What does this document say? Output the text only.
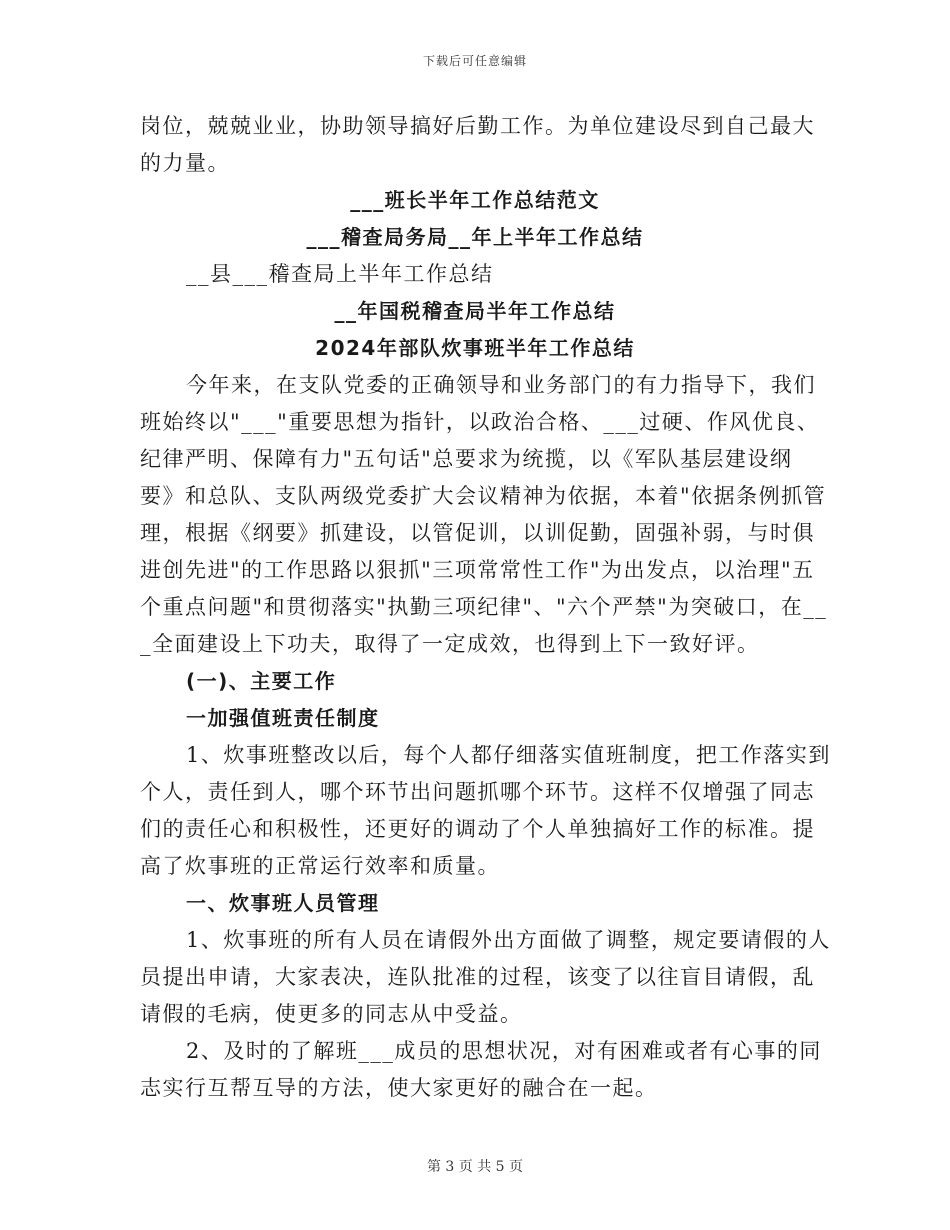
下载后可任意编辑
岗位，兢兢业业，协助领导搞好后勤工作。为单位建设尽到自己最大
的力量。
___班长半年工作总结范文
___稽查局务局__年上半年工作总结
__县___稽查局上半年工作总结
__年国税稽查局半年工作总结
2024年部队炊事班半年工作总结
今年来，在支队党委的正确领导和业务部门的有力指导下，我们
班始终以"___"重要思想为指针，以政治合格、___过硬、作风优良、
纪律严明、保障有力"五句话"总要求为统揽，以《军队基层建设纲
要》和总队、支队两级党委扩大会议精神为依据，本着"依据条例抓管
理，根据《纲要》抓建设，以管促训，以训促勤，固强补弱，与时俱
进创先进"的工作思路以狠抓"三项常常性工作"为出发点，以治理"五
个重点问题"和贯彻落实"执勤三项纪律"、"六个严禁"为突破口，在__
_全面建设上下功夫，取得了一定成效，也得到上下一致好评。
(一)、主要工作
一加强值班责任制度
1、炊事班整改以后，每个人都仔细落实值班制度，把工作落实到
个人，责任到人，哪个环节出问题抓哪个环节。这样不仅增强了同志
们的责任心和积极性，还更好的调动了个人单独搞好工作的标准。提
高了炊事班的正常运行效率和质量。
一、炊事班人员管理
1、炊事班的所有人员在请假外出方面做了调整，规定要请假的人
员提出申请，大家表决，连队批准的过程，该变了以往盲目请假，乱
请假的毛病，使更多的同志从中受益。
2、及时的了解班___成员的思想状况，对有困难或者有心事的同
志实行互帮互导的方法，使大家更好的融合在一起。
第 3 页 共 5 页
